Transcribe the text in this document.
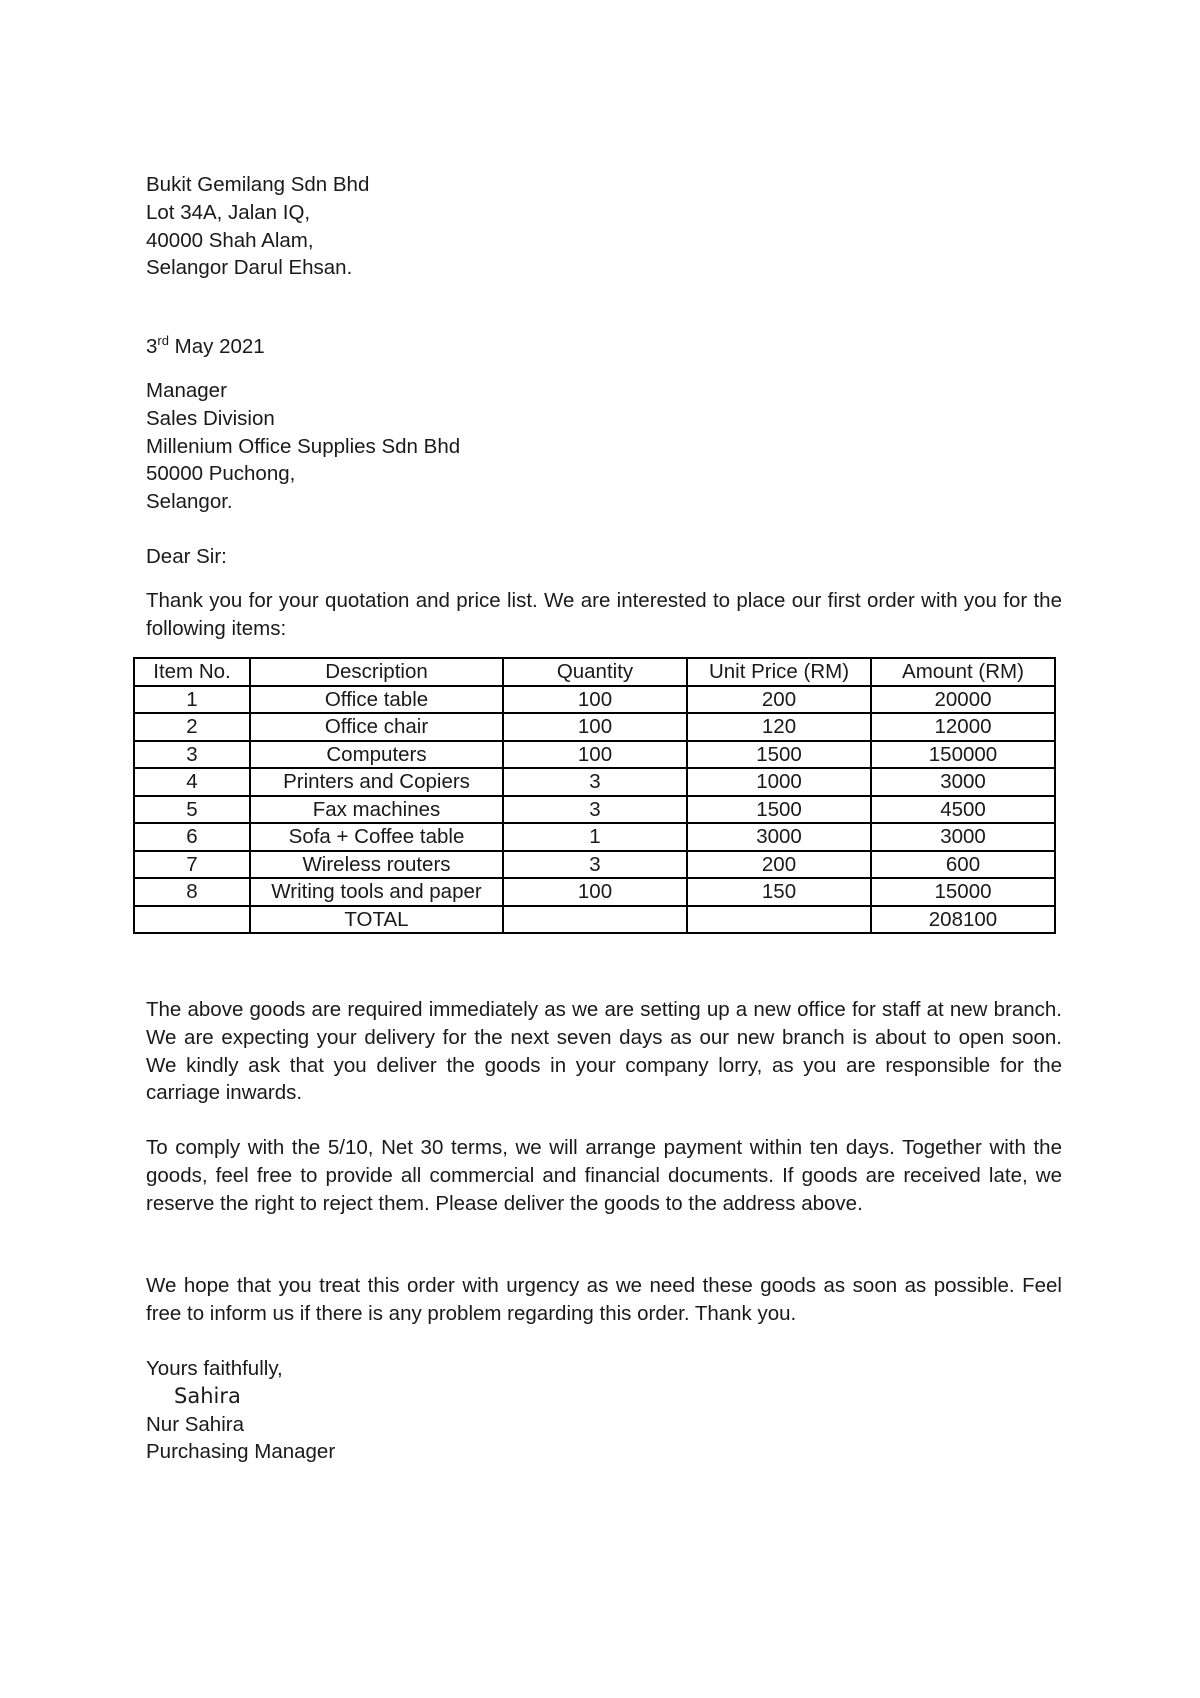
Bukit Gemilang Sdn Bhd
Lot 34A, Jalan IQ,
40000 Shah Alam,
Selangor Darul Ehsan.
3rd May 2021
Manager
Sales Division
Millenium Office Supplies Sdn Bhd
50000 Puchong,
Selangor.
Dear Sir:
Thank you for your quotation and price list. We are interested to place our first order with you for the following items:
Item No.	Description	Quantity	Unit Price (RM)	Amount (RM)
1	Office table	100	200	20000
2	Office chair	100	120	12000
3	Computers	100	1500	150000
4	Printers and Copiers	3	1000	3000
5	Fax machines	3	1500	4500
6	Sofa + Coffee table	1	3000	3000
7	Wireless routers	3	200	600
8	Writing tools and paper	100	150	15000
	TOTAL			208100
The above goods are required immediately as we are setting up a new office for staff at new branch. We are expecting your delivery for the next seven days as our new branch is about to open soon. We kindly ask that you deliver the goods in your company lorry, as you are responsible for the carriage inwards.
To comply with the 5/10, Net 30 terms, we will arrange payment within ten days. Together with the goods, feel free to provide all commercial and financial documents. If goods are received late, we reserve the right to reject them. Please deliver the goods to the address above.
We hope that you treat this order with urgency as we need these goods as soon as possible. Feel free to inform us if there is any problem regarding this order. Thank you.
Yours faithfully,
Sahira
Nur Sahira
Purchasing Manager
